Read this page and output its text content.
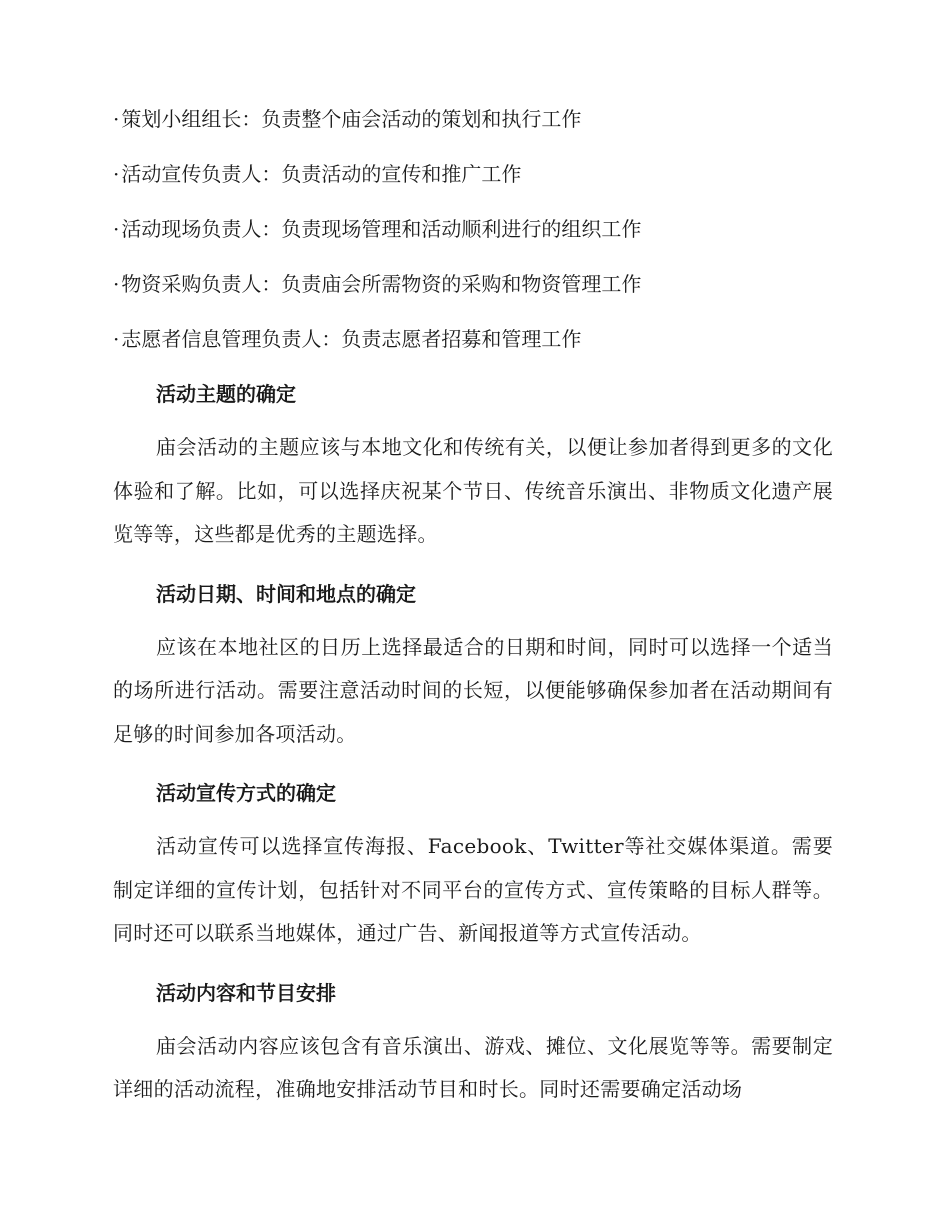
· 策划小组组长：负责整个庙会活动的策划和执行工作
· 活动宣传负责人：负责活动的宣传和推广工作
· 活动现场负责人：负责现场管理和活动顺利进行的组织工作
· 物资采购负责人：负责庙会所需物资的采购和物资管理工作
· 志愿者信息管理负责人：负责志愿者招募和管理工作
活动主题的确定

庙会活动的主题应该与本地文化和传统有关，以便让参加者得到更多的文化体验和了解。比如，可以选择庆祝某个节日、传统音乐演出、非物质文化遗产展览等等，这些都是优秀的主题选择。

活动日期、时间和地点的确定

应该在本地社区的日历上选择最适合的日期和时间，同时可以选择一个适当的场所进行活动。需要注意活动时间的长短，以便能够确保参加者在活动期间有足够的时间参加各项活动。

活动宣传方式的确定

活动宣传可以选择宣传海报、Facebook、Twitter等社交媒体渠道。需要制定详细的宣传计划，包括针对不同平台的宣传方式、宣传策略的目标人群等。同时还可以联系当地媒体，通过广告、新闻报道等方式宣传活动。

活动内容和节目安排

庙会活动内容应该包含有音乐演出、游戏、摊位、文化展览等等。需要制定详细的活动流程，准确地安排活动节目和时长。同时还需要确定活动场
